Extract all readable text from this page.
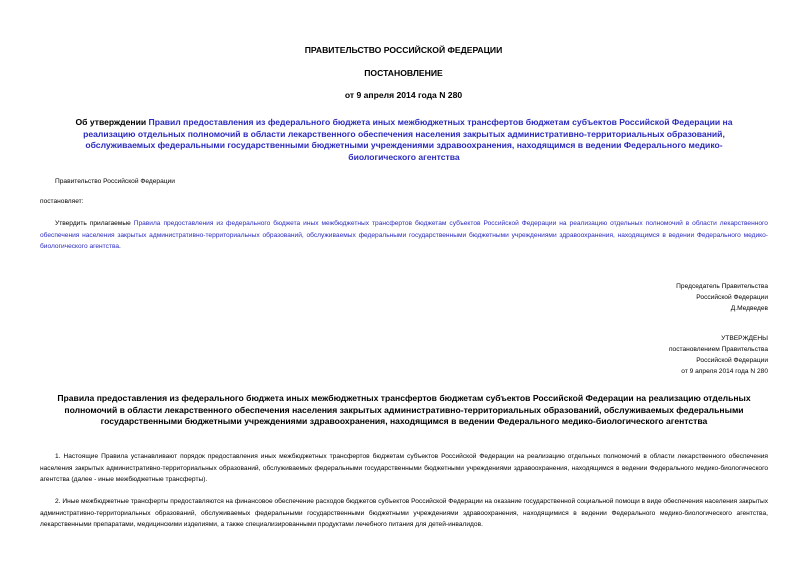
ПРАВИТЕЛЬСТВО РОССИЙСКОЙ ФЕДЕРАЦИИ
ПОСТАНОВЛЕНИЕ
от 9 апреля 2014 года N 280
Об утверждении Правил предоставления из федерального бюджета иных межбюджетных трансфертов бюджетам субъектов Российской Федерации на реализацию отдельных полномочий в области лекарственного обеспечения населения закрытых административно-территориальных образований, обслуживаемых федеральными государственными бюджетными учреждениями здравоохранения, находящимся в ведении Федерального медико-биологического агентства
Правительство Российской Федерации
постановляет:
Утвердить прилагаемые Правила предоставления из федерального бюджета иных межбюджетных трансфертов бюджетам субъектов Российской Федерации на реализацию отдельных полномочий в области лекарственного обеспечения населения закрытых административно-территориальных образований, обслуживаемых федеральными государственными бюджетными учреждениями здравоохранения, находящимся в ведении Федерального медико-биологического агентства.
Председатель Правительства
Российской Федерации
Д.Медведев
УТВЕРЖДЕНЫ
постановлением Правительства
Российской Федерации
от 9 апреля 2014 года N 280
Правила предоставления из федерального бюджета иных межбюджетных трансфертов бюджетам субъектов Российской Федерации на реализацию отдельных полномочий в области лекарственного обеспечения населения закрытых административно-территориальных образований, обслуживаемых федеральными государственными бюджетными учреждениями здравоохранения, находящимся в ведении Федерального медико-биологического агентства
1. Настоящие Правила устанавливают порядок предоставления иных межбюджетных трансфертов бюджетам субъектов Российской Федерации на реализацию отдельных полномочий в области лекарственного обеспечения населения закрытых административно-территориальных образований, обслуживаемых федеральными государственными бюджетными учреждениями здравоохранения, находящимся в ведении Федерального медико-биологического агентства (далее - иные межбюджетные трансферты).
2. Иные межбюджетные трансферты предоставляются на финансовое обеспечение расходов бюджетов субъектов Российской Федерации на оказание государственной социальной помощи в виде обеспечения населения закрытых административно-территориальных образований, обслуживаемых федеральными государственными бюджетными учреждениями здравоохранения, находящимися в ведении Федерального медико-биологического агентства, лекарственными препаратами, медицинскими изделиями, а также специализированными продуктами лечебного питания для детей-инвалидов.
